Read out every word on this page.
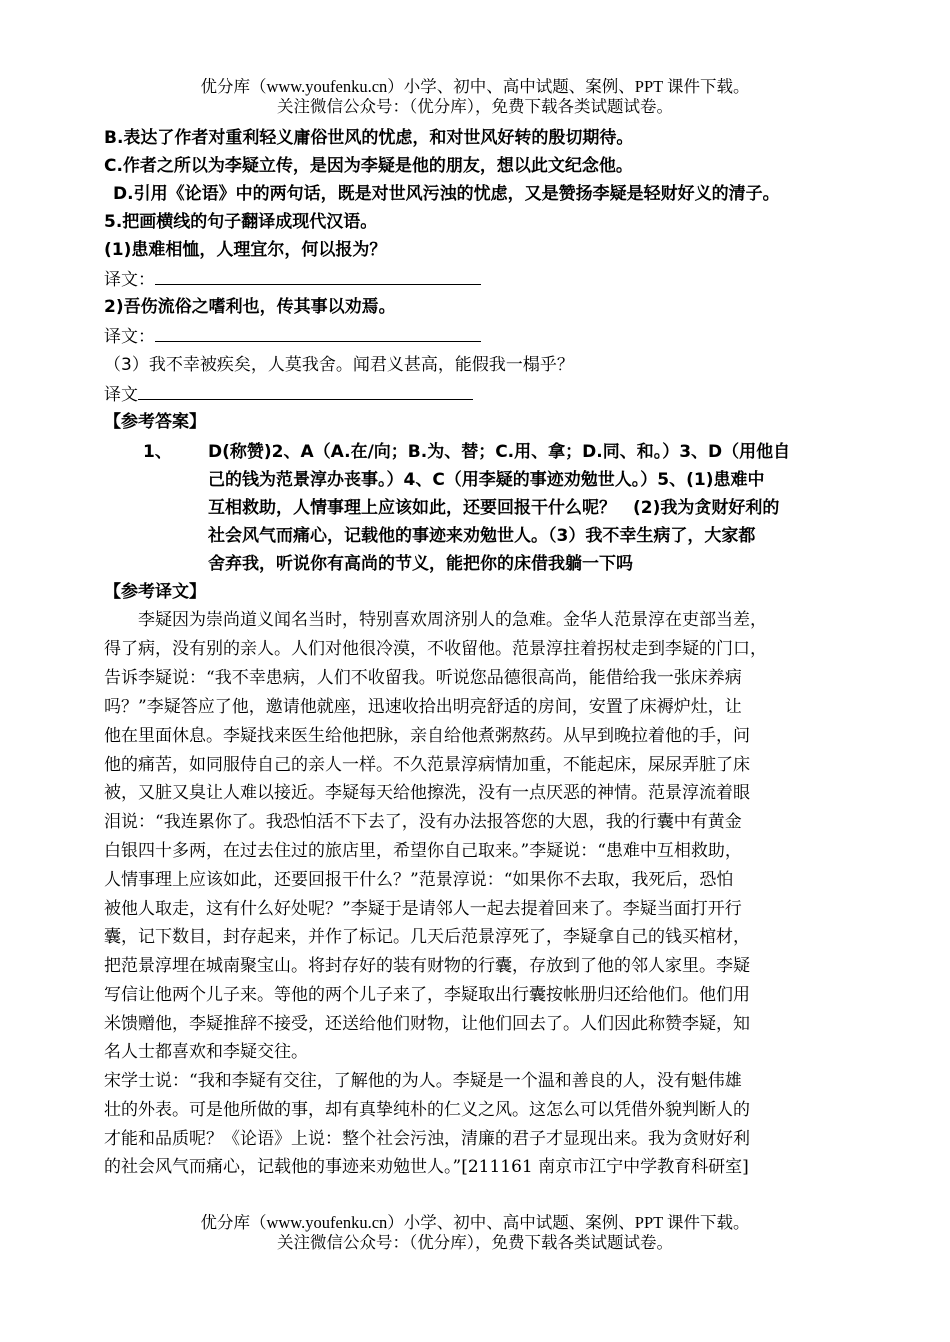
优分库（www.youfenku.cn）小学、初中、高中试题、案例、PPT 课件下载。
关注微信公众号：（优分库），免费下载各类试题试卷。
B.表达了作者对重利轻义庸俗世风的忧虑，和对世风好转的殷切期待。
C.作者之所以为李疑立传，是因为李疑是他的朋友，想以此文纪念他。
D.引用《论语》中的两句话，既是对世风污浊的忧虑，又是赞扬李疑是轻财好义的清子。
5.把画横线的句子翻译成现代汉语。
(1)患难相恤，人理宜尔，何以报为？
译文：
2)吾伤流俗之嗜利也，传其事以劝焉。
译文：
（3）我不幸被疾矣，人莫我舍。闻君义甚高，能假我一榻乎？
译文
【参考答案】
1、 D(称赞)2、A（A.在/向；B.为、替；C.用、拿；D.同、和。）3、D（用他自
己的钱为范景淳办丧事。）4、C（用李疑的事迹劝勉世人。）5、(1)患难中
互相救助，人情事理上应该如此，还要回报干什么呢？　(2)我为贪财好利的
社会风气而痛心，记载他的事迹来劝勉世人。（3）我不幸生病了，大家都
舍弃我，听说你有高尚的节义，能把你的床借我躺一下吗
【参考译文】
　　李疑因为崇尚道义闻名当时，特别喜欢周济别人的急难。金华人范景淳在吏部当差，
得了病，没有别的亲人。人们对他很冷漠，不收留他。范景淳拄着拐杖走到李疑的门口，
告诉李疑说：“我不幸患病，人们不收留我。听说您品德很高尚，能借给我一张床养病
吗？”李疑答应了他，邀请他就座，迅速收拾出明亮舒适的房间，安置了床褥炉灶，让
他在里面休息。李疑找来医生给他把脉，亲自给他煮粥熬药。从早到晚拉着他的手，问
他的痛苦，如同服侍自己的亲人一样。不久范景淳病情加重，不能起床，屎尿弄脏了床
被，又脏又臭让人难以接近。李疑每天给他擦洗，没有一点厌恶的神情。范景淳流着眼
泪说：“我连累你了。我恐怕活不下去了，没有办法报答您的大恩，我的行囊中有黄金
白银四十多两，在过去住过的旅店里，希望你自己取来。”李疑说：“患难中互相救助，
人情事理上应该如此，还要回报干什么？”范景淳说：“如果你不去取，我死后，恐怕
被他人取走，这有什么好处呢？”李疑于是请邻人一起去提着回来了。李疑当面打开行
囊，记下数目，封存起来，并作了标记。几天后范景淳死了，李疑拿自己的钱买棺材，
把范景淳埋在城南聚宝山。将封存好的装有财物的行囊，存放到了他的邻人家里。李疑
写信让他两个儿子来。等他的两个儿子来了，李疑取出行囊按帐册归还给他们。他们用
米馈赠他，李疑推辞不接受，还送给他们财物，让他们回去了。人们因此称赞李疑，知
名人士都喜欢和李疑交往。
宋学士说：“我和李疑有交往，了解他的为人。李疑是一个温和善良的人，没有魁伟雄
壮的外表。可是他所做的事，却有真挚纯朴的仁义之风。这怎么可以凭借外貌判断人的
才能和品质呢？《论语》上说：整个社会污浊，清廉的君子才显现出来。我为贪财好利
的社会风气而痛心，记载他的事迹来劝勉世人。”[211161 南京市江宁中学教育科研室]
优分库（www.youfenku.cn）小学、初中、高中试题、案例、PPT 课件下载。
关注微信公众号：（优分库），免费下载各类试题试卷。
